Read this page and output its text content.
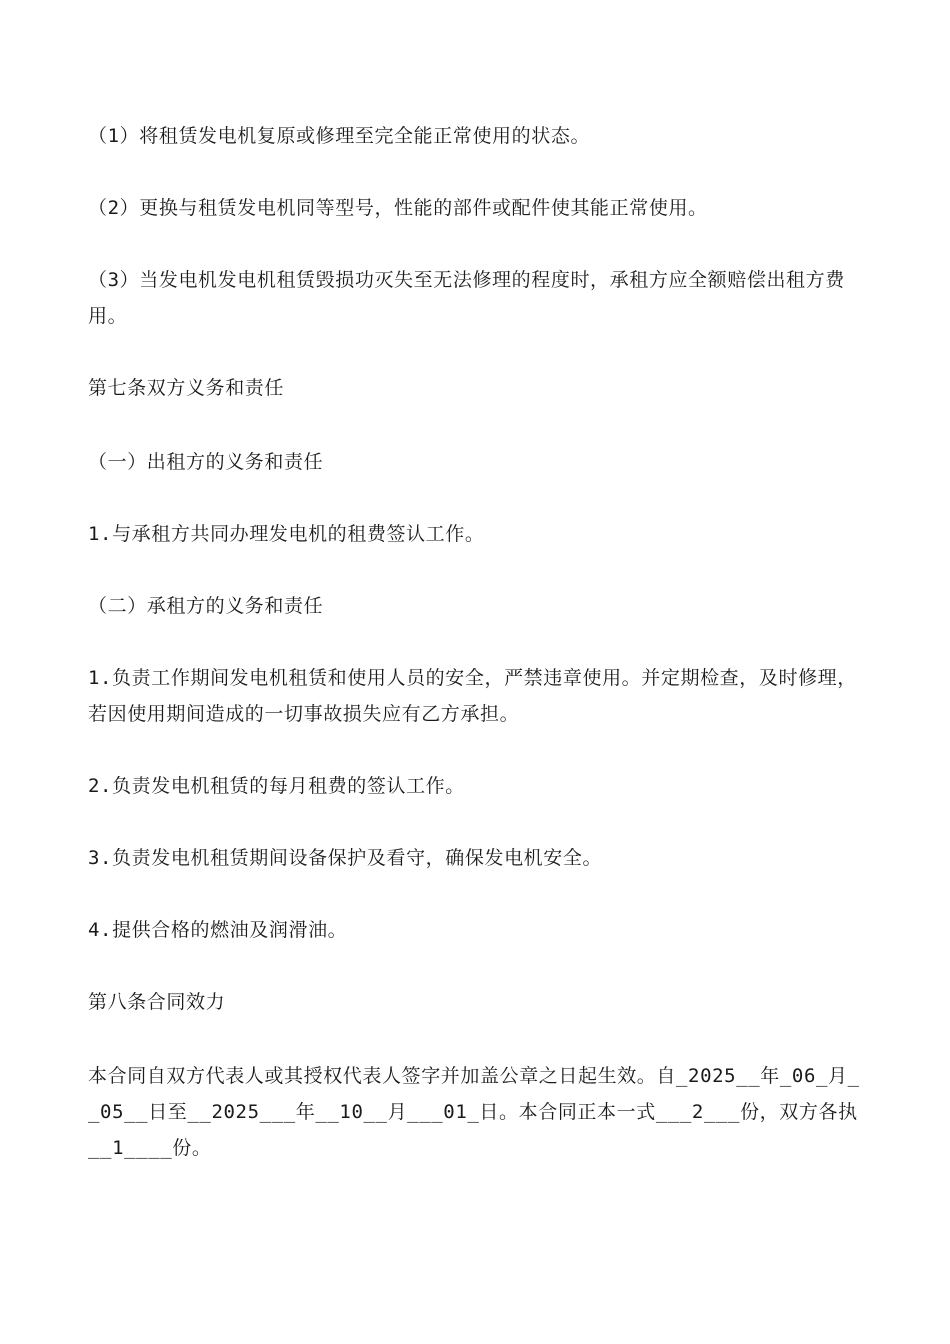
（1）将租赁发电机复原或修理至完全能正常使用的状态。

（2）更换与租赁发电机同等型号，性能的部件或配件使其能正常使用。

（3）当发电机发电机租赁毁损功灭失至无法修理的程度时，承租方应全额赔偿出租方费用。

第七条双方义务和责任

（一）出租方的义务和责任

1.与承租方共同办理发电机的租费签认工作。

（二）承租方的义务和责任

1.负责工作期间发电机租赁和使用人员的安全，严禁违章使用。并定期检查，及时修理，若因使用期间造成的一切事故损失应有乙方承担。

2.负责发电机租赁的每月租费的签认工作。

3.负责发电机租赁期间设备保护及看守，确保发电机安全。

4.提供合格的燃油及润滑油。

第八条合同效力

本合同自双方代表人或其授权代表人签字并加盖公章之日起生效。自_2025__年_06_月__05__日至__2025___年__10__月___01_日。本合同正本一式___2___份，双方各执__1____份。
